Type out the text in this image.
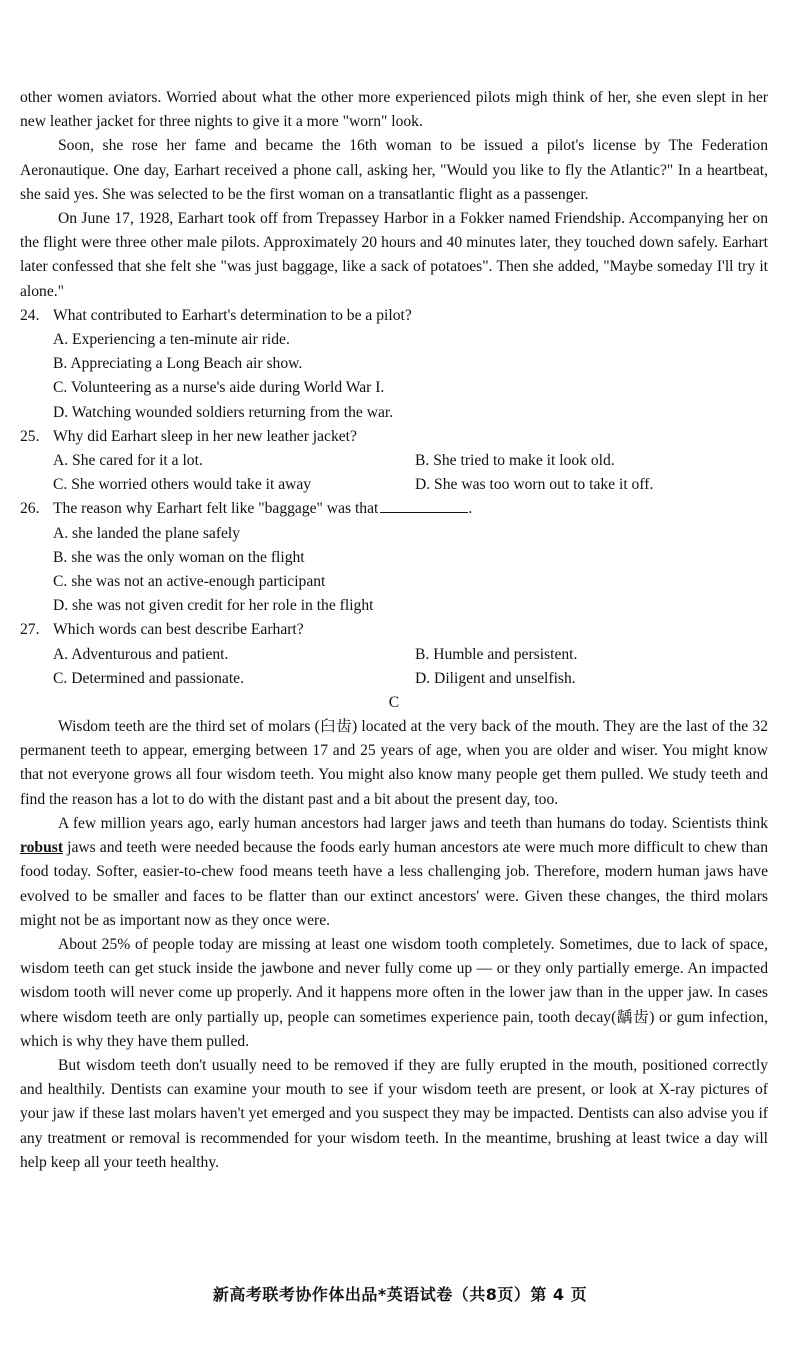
other women aviators. Worried about what the other more experienced pilots migh think of her, she even slept in her new leather jacket for three nights to give it a more "worn" look.

Soon, she rose her fame and became the 16th woman to be issued a pilot's license by The Federation Aeronautique. One day, Earhart received a phone call, asking her, "Would you like to fly the Atlantic?" In a heartbeat, she said yes. She was selected to be the first woman on a transatlantic flight as a passenger.

On June 17, 1928, Earhart took off from Trepassey Harbor in a Fokker named Friendship. Accompanying her on the flight were three other male pilots. Approximately 20 hours and 40 minutes later, they touched down safely. Earhart later confessed that she felt she "was just baggage, like a sack of potatoes". Then she added, "Maybe someday I'll try it alone."

24. What contributed to Earhart's determination to be a pilot?
A. Experiencing a ten-minute air ride.
B. Appreciating a Long Beach air show.
C. Volunteering as a nurse's aide during World War I.
D. Watching wounded soldiers returning from the war.
25. Why did Earhart sleep in her new leather jacket?
A. She cared for it a lot.	B. She tried to make it look old.
C. She worried others would take it away	D. She was too worn out to take it off.
26. The reason why Earhart felt like "baggage" was that	.
A. she landed the plane safely
B. she was the only woman on the flight
C. she was not an active-enough participant
D. she was not given credit for her role in the flight
27. Which words can best describe Earhart?
A. Adventurous and patient.	B. Humble and persistent.
C. Determined and passionate.	D. Diligent and unselfish.

C

Wisdom teeth are the third set of molars (臼齿) located at the very back of the mouth. They are the last of the 32 permanent teeth to appear, emerging between 17 and 25 years of age, when you are older and wiser. You might know that not everyone grows all four wisdom teeth. You might also know many people get them pulled. We study teeth and find the reason has a lot to do with the distant past and a bit about the present day, too.

A few million years ago, early human ancestors had larger jaws and teeth than humans do today. Scientists think robust jaws and teeth were needed because the foods early human ancestors ate were much more difficult to chew than food today. Softer, easier-to-chew food means teeth have a less challenging job. Therefore, modern human jaws have evolved to be smaller and faces to be flatter than our extinct ancestors' were. Given these changes, the third molars might not be as important now as they once were.

About 25% of people today are missing at least one wisdom tooth completely. Sometimes, due to lack of space, wisdom teeth can get stuck inside the jawbone and never fully come up — or they only partially emerge. An impacted wisdom tooth will never come up properly. And it happens more often in the lower jaw than in the upper jaw. In cases where wisdom teeth are only partially up, people can sometimes experience pain, tooth decay(龋齿) or gum infection, which is why they have them pulled.

But wisdom teeth don't usually need to be removed if they are fully erupted in the mouth, positioned correctly and healthily. Dentists can examine your mouth to see if your wisdom teeth are present, or look at X-ray pictures of your jaw if these last molars haven't yet emerged and you suspect they may be impacted. Dentists can also advise you if any treatment or removal is recommended for your wisdom teeth. In the meantime, brushing at least twice a day will help keep all your teeth healthy.

新高考联考协作体出品*英语试卷（共8页）第 4 页
